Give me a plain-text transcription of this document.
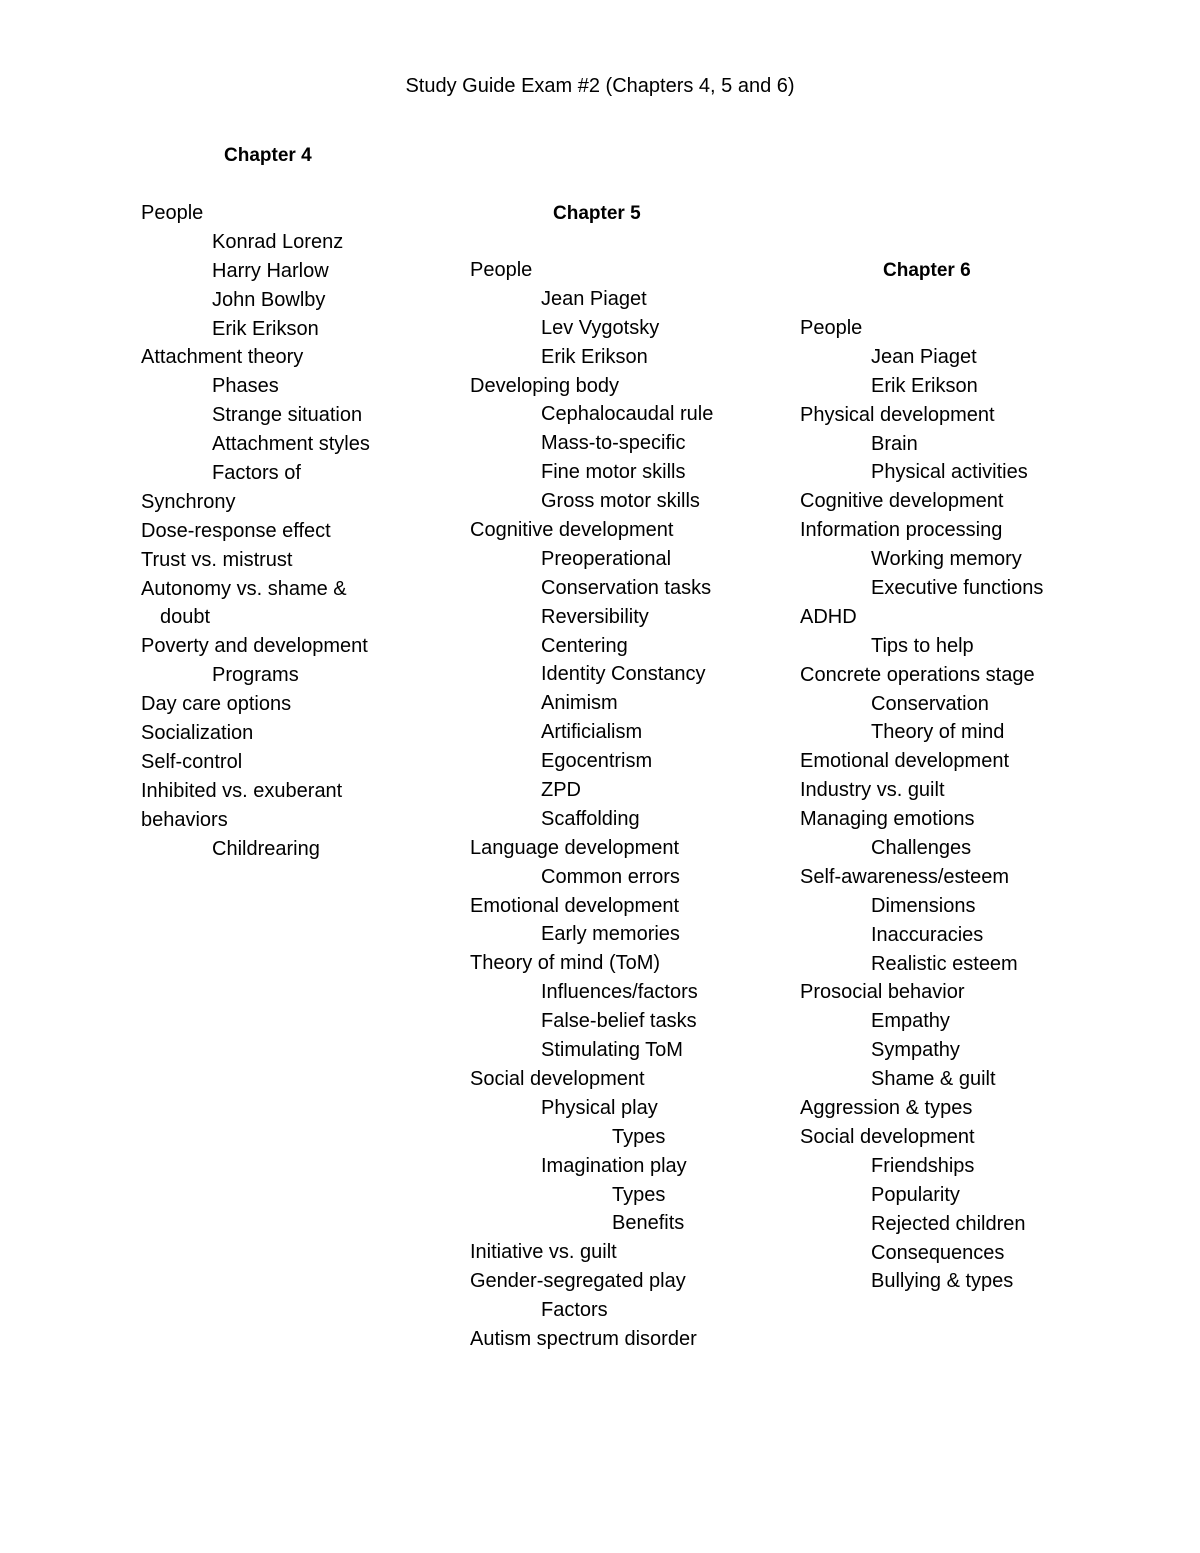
Study Guide Exam #2 (Chapters 4, 5 and 6)
Chapter 4
Chapter 5
Chapter 6
People
Konrad Lorenz
Harry Harlow
John Bowlby
Erik Erikson
Attachment theory
Phases
Strange situation
Attachment styles
Factors of
Synchrony
Dose-response effect
Trust vs. mistrust
Autonomy vs. shame &
doubt
Poverty and development
Programs
Day care options
Socialization
Self-control
Inhibited vs. exuberant
behaviors
Childrearing
People
Jean Piaget
Lev Vygotsky
Erik Erikson
Developing body
Cephalocaudal rule
Mass-to-specific
Fine motor skills
Gross motor skills
Cognitive development
Preoperational
Conservation tasks
Reversibility
Centering
Identity Constancy
Animism
Artificialism
Egocentrism
ZPD
Scaffolding
Language development
Common errors
Emotional development
Early memories
Theory of mind (ToM)
Influences/factors
False-belief tasks
Stimulating ToM
Social development
Physical play
Types
Imagination play
Types
Benefits
Initiative vs. guilt
Gender-segregated play
Factors
Autism spectrum disorder
People
Jean Piaget
Erik Erikson
Physical development
Brain
Physical activities
Cognitive development
Information processing
Working memory
Executive functions
ADHD
Tips to help
Concrete operations stage
Conservation
Theory of mind
Emotional development
Industry vs. guilt
Managing emotions
Challenges
Self-awareness/esteem
Dimensions
Inaccuracies
Realistic esteem
Prosocial behavior
Empathy
Sympathy
Shame & guilt
Aggression & types
Social development
Friendships
Popularity
Rejected children
Consequences
Bullying & types
